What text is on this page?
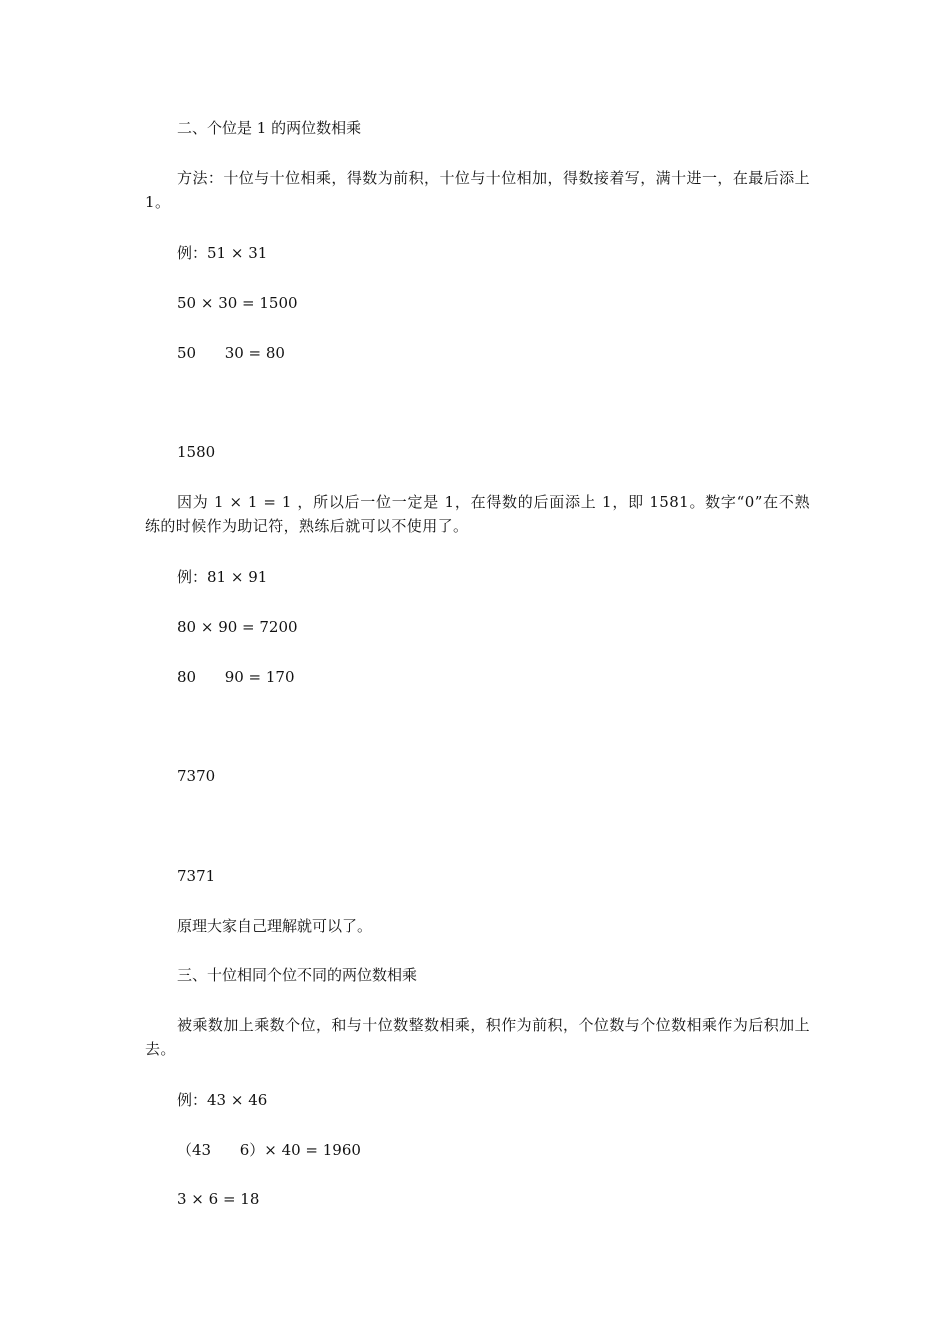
二、个位是 1 的两位数相乘
方法：十位与十位相乘，得数为前积，十位与十位相加，得数接着写，满十进一，在最后添上 1。
例：51 × 31
50 × 30 = 1500
50      30 = 80
1580
因为 1 × 1 = 1 ，所以后一位一定是 1，在得数的后面添上 1，即 1581。数字“0”在不熟练的时候作为助记符，熟练后就可以不使用了。
例：81 × 91
80 × 90 = 7200
80      90 = 170
7370
7371
原理大家自己理解就可以了。
三、十位相同个位不同的两位数相乘
被乘数加上乘数个位，和与十位数整数相乘，积作为前积，个位数与个位数相乘作为后积加上去。
例：43 × 46
（43      6）× 40 = 1960
3 × 6 = 18
